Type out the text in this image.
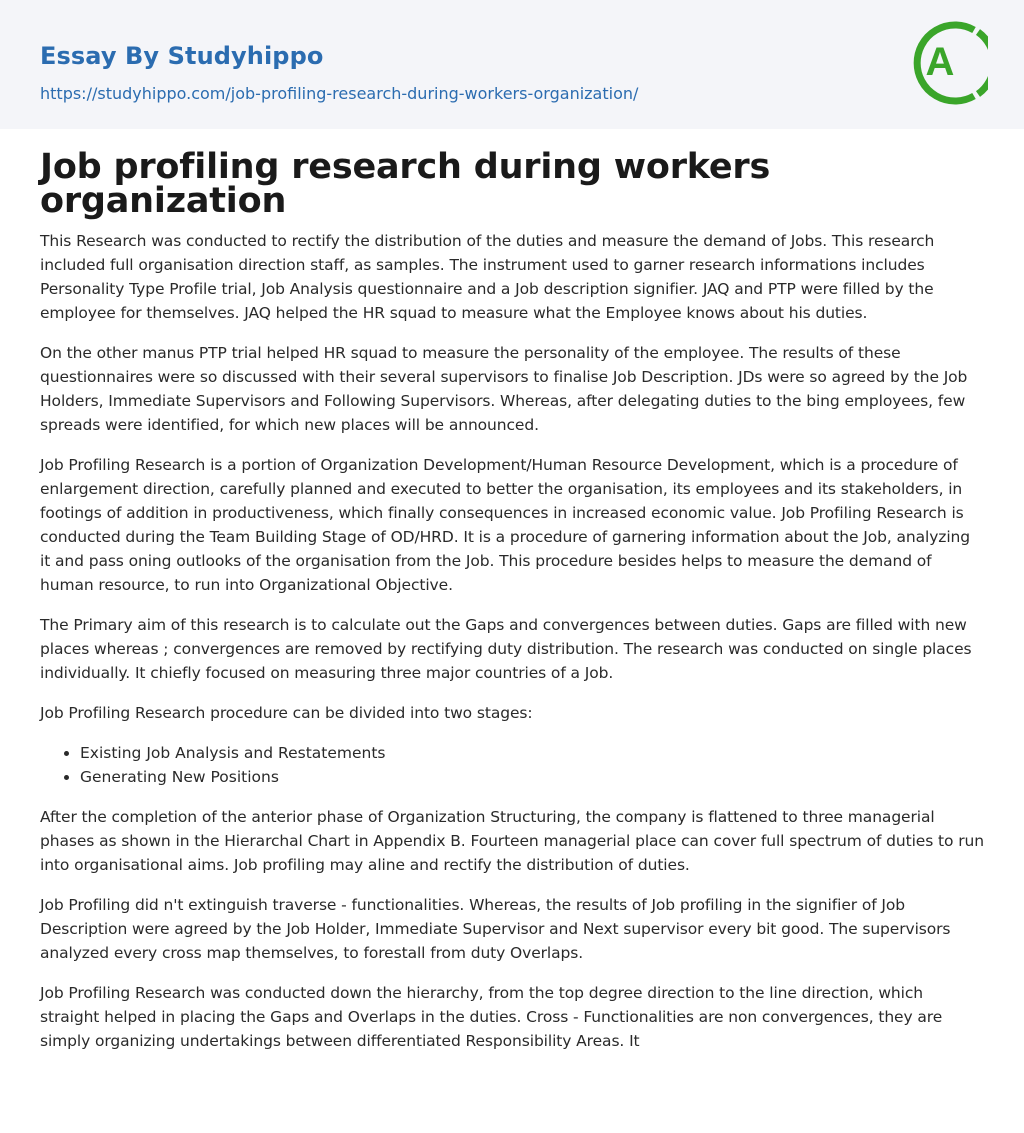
Essay By Studyhippo
https://studyhippo.com/job-profiling-research-during-workers-organization/
A
Job profiling research during workers organization

This Research was conducted to rectify the distribution of the duties and measure the demand of Jobs. This research included full organisation direction staff, as samples. The instrument used to garner research informations includes Personality Type Profile trial, Job Analysis questionnaire and a Job description signifier. JAQ and PTP were filled by the employee for themselves. JAQ helped the HR squad to measure what the Employee knows about his duties.

On the other manus PTP trial helped HR squad to measure the personality of the employee. The results of these questionnaires were so discussed with their several supervisors to finalise Job Description. JDs were so agreed by the Job Holders, Immediate Supervisors and Following Supervisors. Whereas, after delegating duties to the bing employees, few spreads were identified, for which new places will be announced.

Job Profiling Research is a portion of Organization Development/Human Resource Development, which is a procedure of enlargement direction, carefully planned and executed to better the organisation, its employees and its stakeholders, in footings of addition in productiveness, which finally consequences in increased economic value. Job Profiling Research is conducted during the Team Building Stage of OD/HRD. It is a procedure of garnering information about the Job, analyzing it and pass oning outlooks of the organisation from the Job. This procedure besides helps to measure the demand of human resource, to run into Organizational Objective.

The Primary aim of this research is to calculate out the Gaps and convergences between duties. Gaps are filled with new places whereas ; convergences are removed by rectifying duty distribution. The research was conducted on single places individually. It chiefly focused on measuring three major countries of a Job.

Job Profiling Research procedure can be divided into two stages:

• Existing Job Analysis and Restatements
• Generating New Positions

After the completion of the anterior phase of Organization Structuring, the company is flattened to three managerial phases as shown in the Hierarchal Chart in Appendix B. Fourteen managerial place can cover full spectrum of duties to run into organisational aims. Job profiling may aline and rectify the distribution of duties.

Job Profiling did n't extinguish traverse - functionalities. Whereas, the results of Job profiling in the signifier of Job Description were agreed by the Job Holder, Immediate Supervisor and Next supervisor every bit good. The supervisors analyzed every cross map themselves, to forestall from duty Overlaps.

Job Profiling Research was conducted down the hierarchy, from the top degree direction to the line direction, which straight helped in placing the Gaps and Overlaps in the duties. Cross - Functionalities are non convergences, they are simply organizing undertakings between differentiated Responsibility Areas. It
